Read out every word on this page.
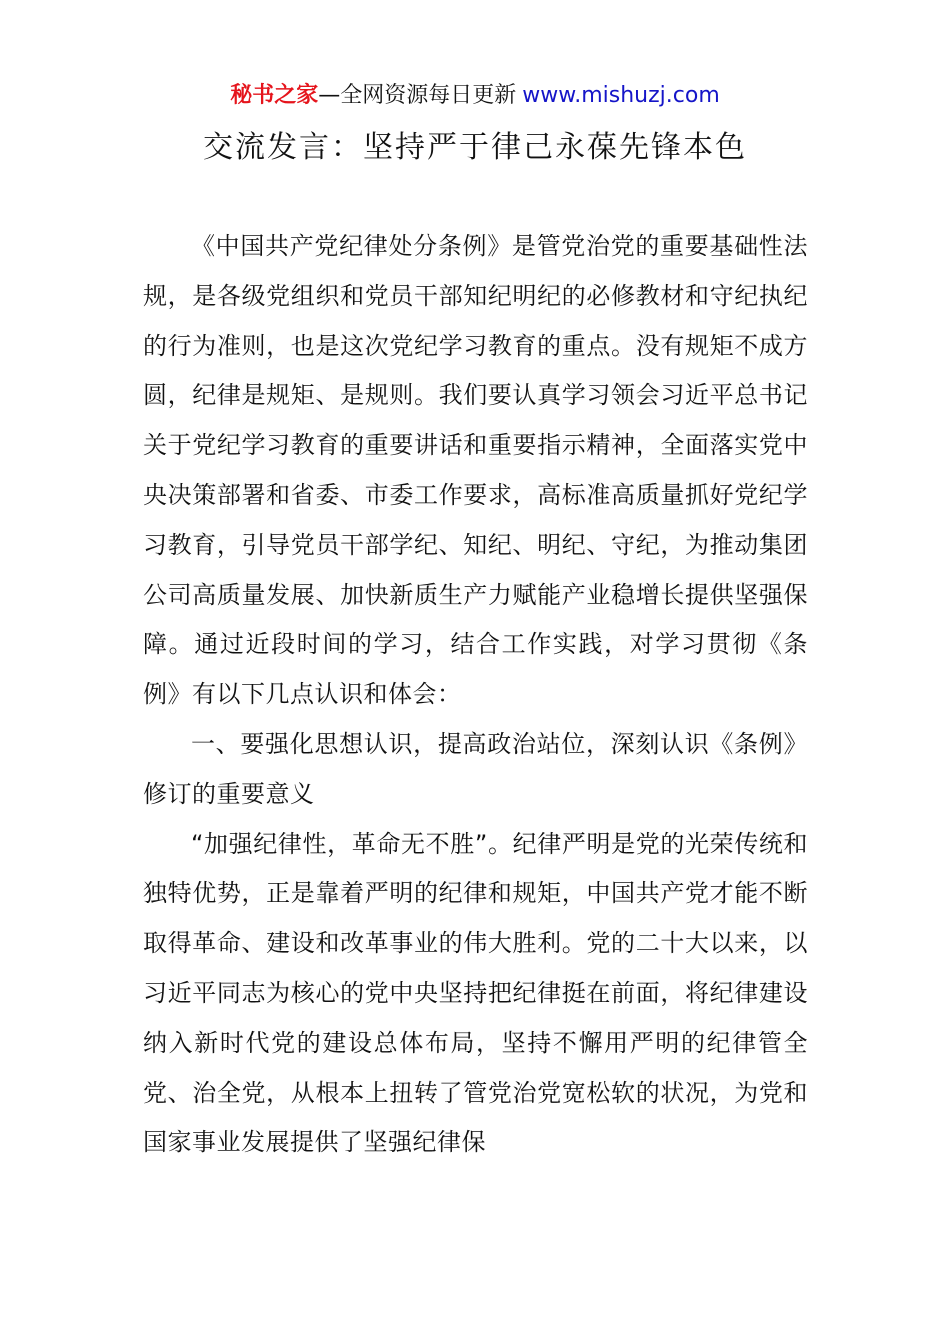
秘书之家—全网资源每日更新 www.mishuzj.com
交流发言：坚持严于律己永葆先锋本色

《中国共产党纪律处分条例》是管党治党的重要基础性法规，是各级党组织和党员干部知纪明纪的必修教材和守纪执纪的行为准则，也是这次党纪学习教育的重点。没有规矩不成方圆，纪律是规矩、是规则。我们要认真学习领会习近平总书记关于党纪学习教育的重要讲话和重要指示精神，全面落实党中央决策部署和省委、市委工作要求，高标准高质量抓好党纪学习教育，引导党员干部学纪、知纪、明纪、守纪，为推动集团公司高质量发展、加快新质生产力赋能产业稳增长提供坚强保障。通过近段时间的学习，结合工作实践，对学习贯彻《条例》有以下几点认识和体会：

一、要强化思想认识，提高政治站位，深刻认识《条例》修订的重要意义

“加强纪律性，革命无不胜”。纪律严明是党的光荣传统和独特优势，正是靠着严明的纪律和规矩，中国共产党才能不断取得革命、建设和改革事业的伟大胜利。党的二十大以来，以习近平同志为核心的党中央坚持把纪律挺在前面，将纪律建设纳入新时代党的建设总体布局，坚持不懈用严明的纪律管全党、治全党，从根本上扭转了管党治党宽松软的状况，为党和国家事业发展提供了坚强纪律保
